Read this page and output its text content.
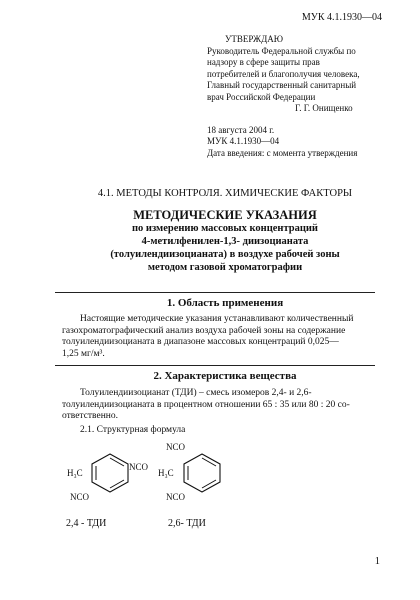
МУК 4.1.1930—04
УТВЕРЖДАЮ
Руководитель Федеральной службы по
надзору в сфере защиты прав
потребителей и благополучия человека,
Главный государственный санитарный
врач Российской Федерации
Г. Г. Онищенко
18 августа 2004 г.
МУК 4.1.1930—04
Дата введения: с момента утверждения
4.1. МЕТОДЫ КОНТРОЛЯ. ХИМИЧЕСКИЕ ФАКТОРЫ
МЕТОДИЧЕСКИЕ УКАЗАНИЯ
по измерению массовых концентраций
4-метилфенилен-1,3- диизоцианата
(толуилендиизоцианата) в воздухе рабочей зоны
методом газовой хроматографии
1. Область применения
Настоящие методические указания устанавливают количественный
газохроматографический анализ воздуха рабочей зоны на содержание
толуилендиизоцианата в диапазоне массовых концентраций 0,025—
1,25 мг/м³.
2. Характеристика вещества
Толуилендиизоцианат (ТДИ) – смесь изомеров 2,4- и 2,6-
толуилендиизоцианата в процентном отношении 65 : 35 или 80 : 20 со-
ответственно.
2.1. Структурная формула
H₃C
NCO
NCO
2,4 - ТДИ
NCO
H₃C
NCO
2,6- ТДИ
1
